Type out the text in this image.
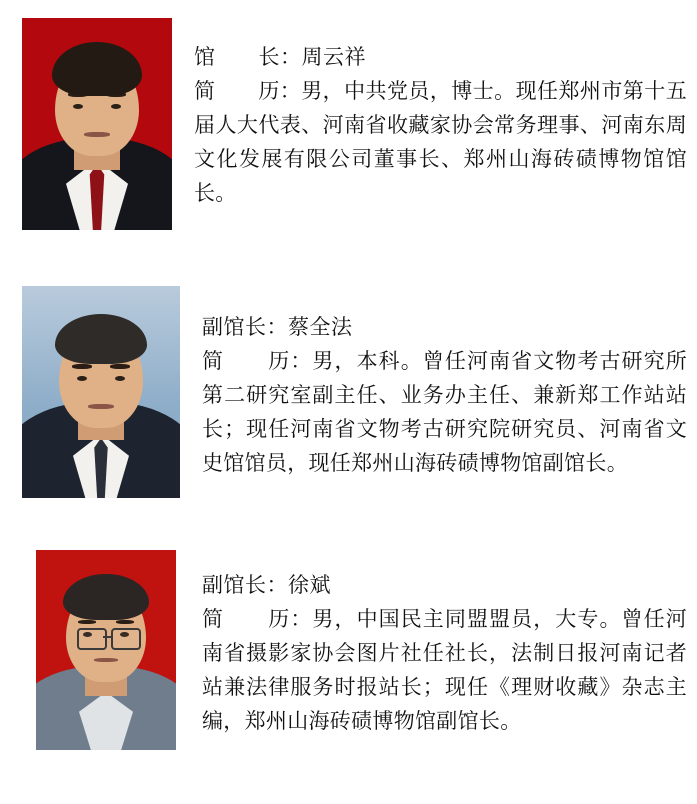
馆　　长：周云祥

简　　历：男，中共党员，博士。现任郑州市第十五届人大代表、河南省收藏家协会常务理事、河南东周文化发展有限公司董事长、郑州山海砖碛博物馆馆长。

副馆长：蔡全法

简　　历：男，本科。曾任河南省文物考古研究所第二研究室副主任、业务办主任、兼新郑工作站站长；现任河南省文物考古研究院研究员、河南省文史馆馆员，现任郑州山海砖碛博物馆副馆长。

副馆长：徐斌

简　　历：男，中国民主同盟盟员，大专。曾任河南省摄影家协会图片社任社长，法制日报河南记者站兼法律服务时报站长；现任《理财收藏》杂志主编，郑州山海砖碛博物馆副馆长。
